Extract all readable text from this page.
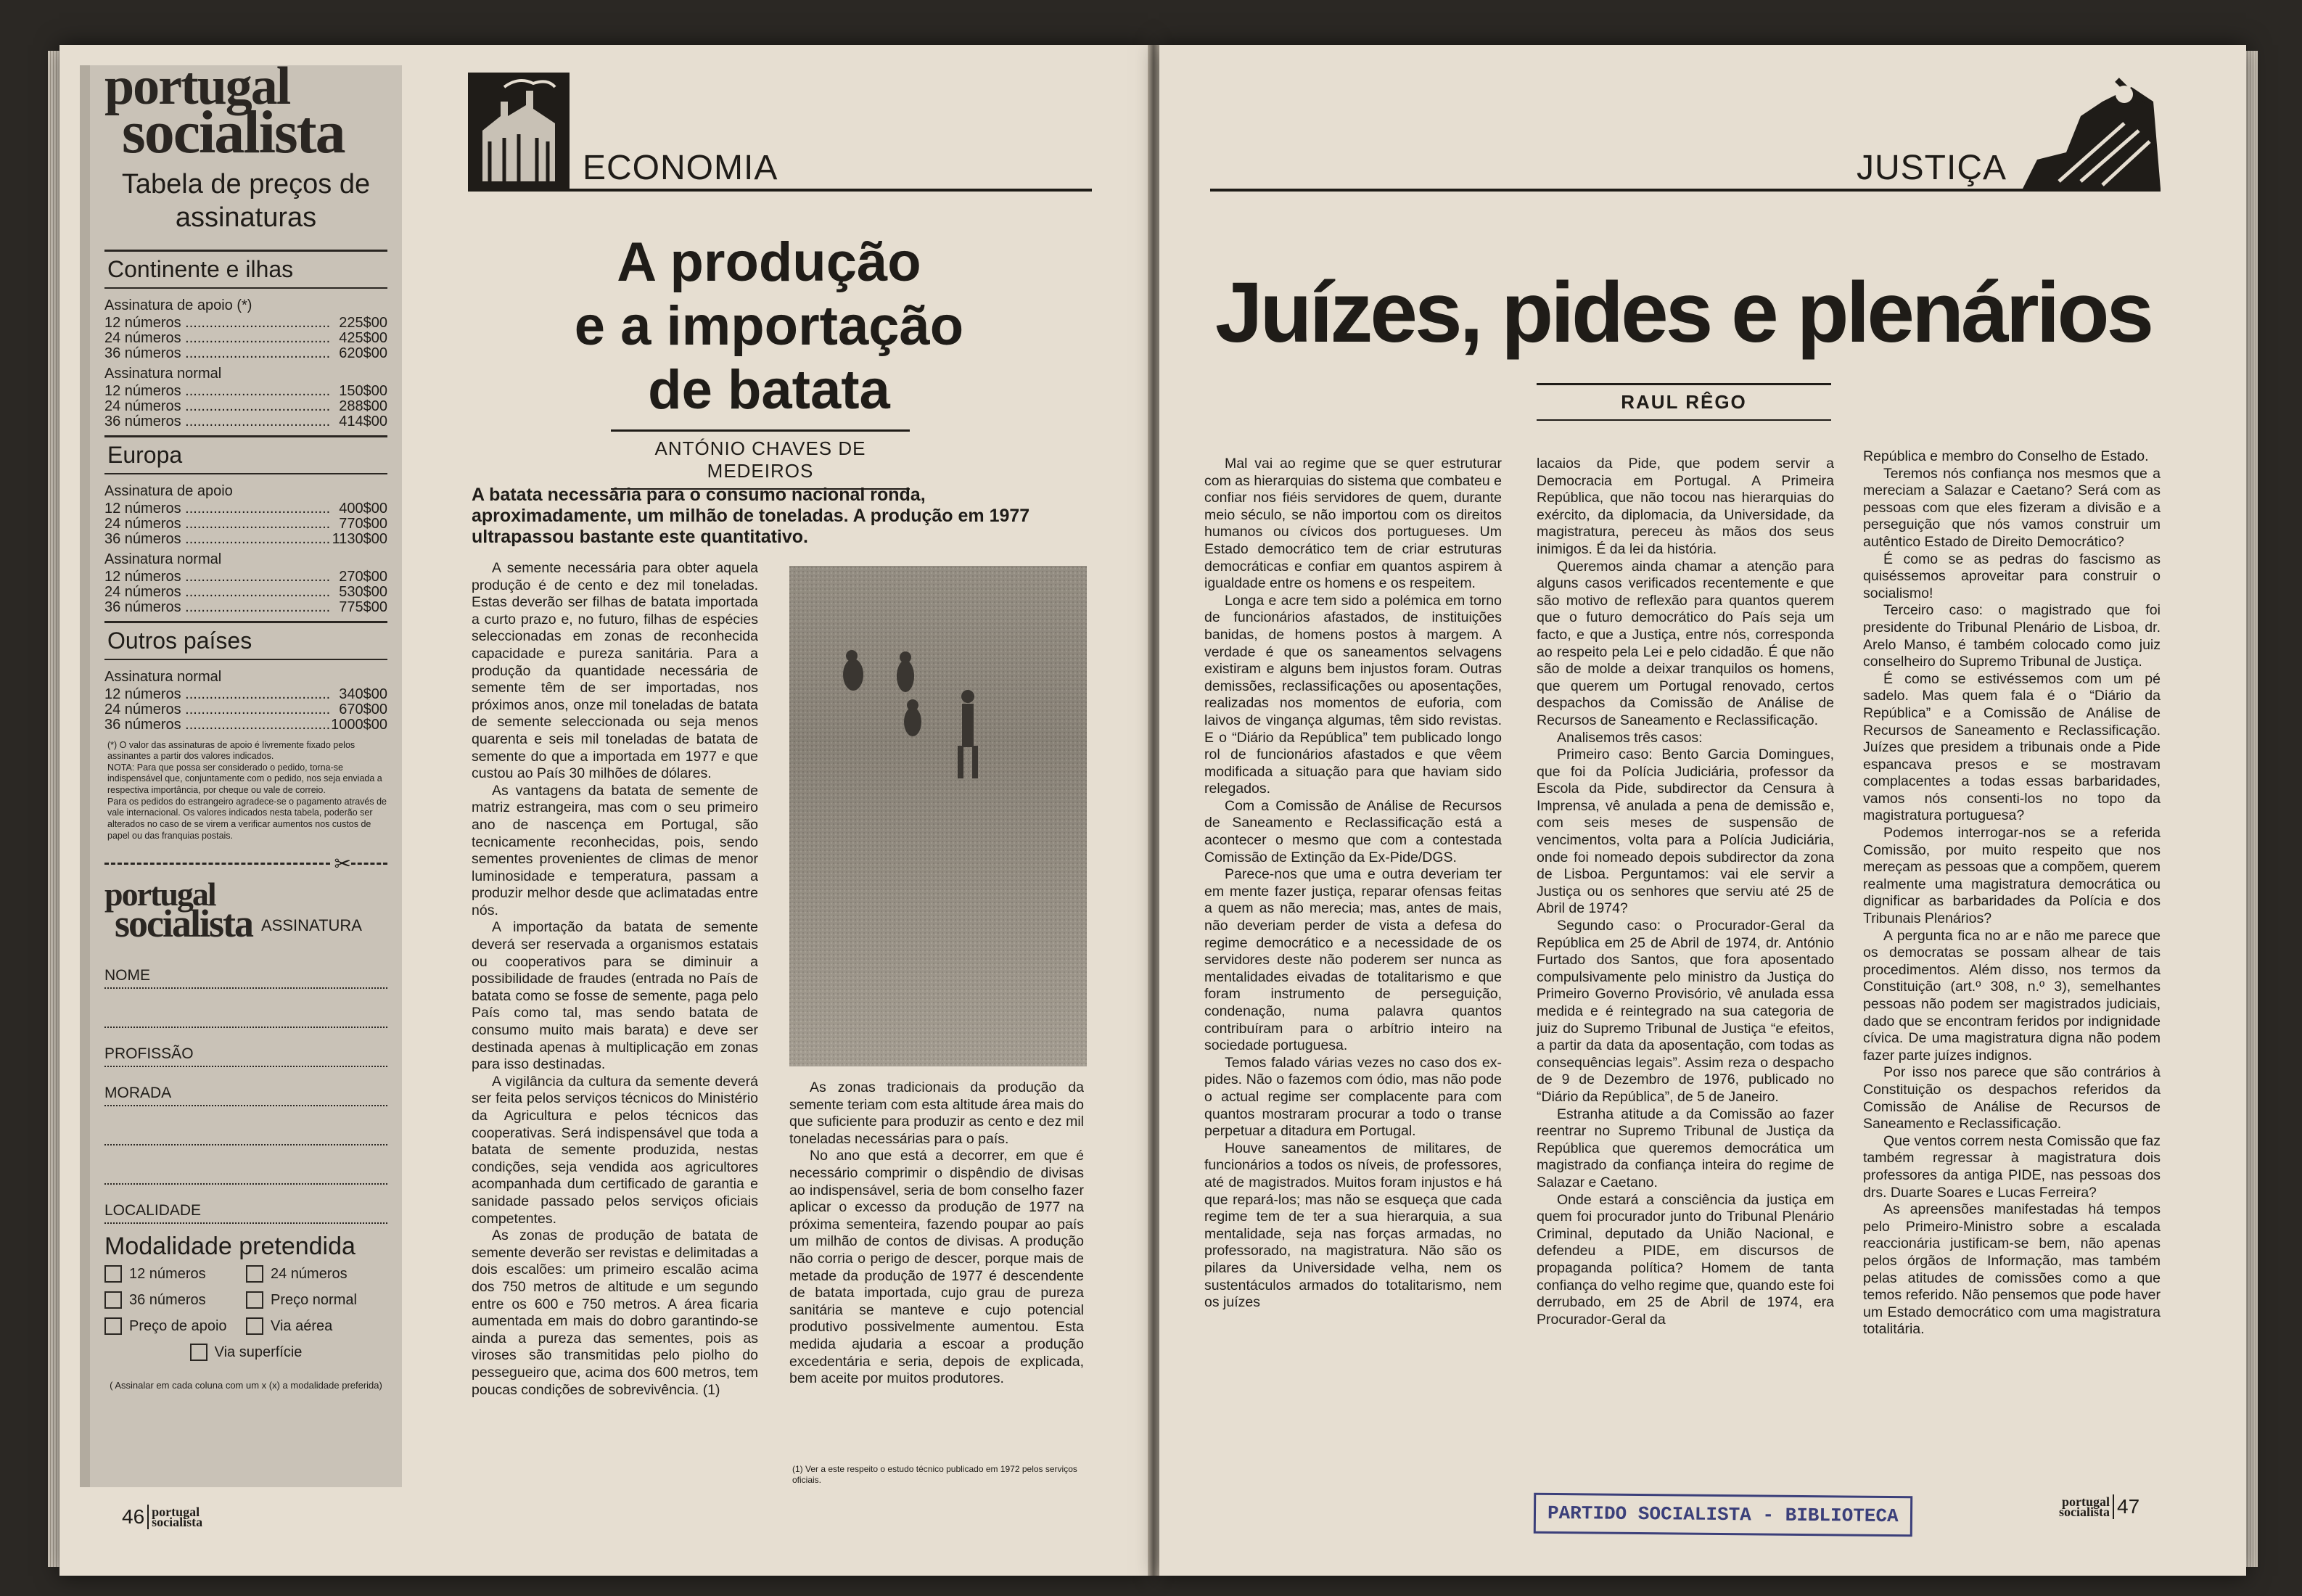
portugal
socialista
Tabela de preços de assinaturas
Continente e ilhas
Assinatura de apoio (*)
12 números .....	225$00
24 números .....	425$00
36 números .....	620$00
Assinatura normal
12 números .....	150$00
24 números .....	288$00
36 números .....	414$00
Europa
Assinatura de apoio
12 números .....	400$00
24 números .....	770$00
36 números .....	1130$00
Assinatura normal
12 números .....	270$00
24 números .....	530$00
36 números .....	775$00
Outros países
Assinatura normal
12 números .....	340$00
24 números .....	670$00
36 números .....	1000$00
(*) O valor das assinaturas de apoio é livremente fixado pelos assinantes a partir dos valores indicados.
NOTA: Para que possa ser considerado o pedido, torna-se indispensável que, conjuntamente com o pedido, nos seja enviada a respectiva importância, por cheque ou vale de correio.
Para os pedidos do estrangeiro agradece-se o pagamento através de vale internacional. Os valores indicados nesta tabela, poderão ser alterados no caso de se virem a verificar aumentos nos custos de papel ou das franquias postais.
✂
portugal
socialista ASSINATURA
NOME
PROFISSÃO
MORADA
LOCALIDADE
Modalidade pretendida
12 números	24 números
36 números	Preço normal
Preço de apoio	Via aérea
Via superfície
( Assinalar em cada coluna com um x (x) a modalidade preferida)
ECONOMIA
A produção
e a importação
de batata
ANTÓNIO CHAVES DE MEDEIROS
A batata necessária para o consumo nacional ronda, aproximadamente, um milhão de toneladas. A produção em 1977 ultrapassou bastante este quantitativo.

A semente necessária para obter aquela produção é de cento e dez mil toneladas. Estas deverão ser filhas de batata importada a curto prazo e, no futuro, filhas de espécies seleccionadas em zonas de reconhecida capacidade e pureza sanitária. Para a produção da quantidade necessária de semente têm de ser importadas, nos próximos anos, onze mil toneladas de batata de semente seleccionada ou seja menos quarenta e seis mil toneladas de batata de semente do que a importada em 1977 e que custou ao País 30 milhões de dólares.

As vantagens da batata de semente de matriz estrangeira, mas com o seu primeiro ano de nascença em Portugal, são tecnicamente reconhecidas, pois, sendo sementes provenientes de climas de menor luminosidade e temperatura, passam a produzir melhor desde que aclimatadas entre nós.

A importação da batata de semente deverá ser reservada a organismos estatais ou cooperativos para se diminuir a possibilidade de fraudes (entrada no País de batata como se fosse de semente, paga pelo País como tal, mas sendo batata de consumo muito mais barata) e deve ser destinada apenas à multiplicação em zonas para isso destinadas.

A vigilância da cultura da semente deverá ser feita pelos serviços técnicos do Ministério da Agricultura e pelos técnicos das cooperativas. Será indispensável que toda a batata de semente produzida, nestas condições, seja vendida aos agricultores acompanhada dum certificado de garantia e sanidade passado pelos serviços oficiais competentes.

As zonas de produção de batata de semente deverão ser revistas e delimitadas a dois escalões: um primeiro escalão acima dos 750 metros de altitude e um segundo entre os 600 e 750 metros. A área ficaria aumentada em mais do dobro garantindo-se ainda a pureza das sementes, pois as viroses são transmitidas pelo piolho do pessegueiro que, acima dos 600 metros, tem poucas condições de sobrevivência. (1)

As zonas tradicionais da produção da semente teriam com esta altitude área mais do que suficiente para produzir as cento e dez mil toneladas necessárias para o país.

No ano que está a decorrer, em que é necessário comprimir o dispêndio de divisas ao indispensável, seria de bom conselho fazer aplicar o excesso da produção de 1977 na próxima sementeira, fazendo poupar ao país um milhão de contos de divisas. A produção não corria o perigo de descer, porque mais de metade da produção de 1977 é descendente de batata importada, cujo grau de pureza sanitária se manteve e cujo potencial produtivo possivelmente aumentou. Esta medida ajudaria a escoar a produção excedentária e seria, depois de explicada, bem aceite por muitos produtores.

(1) Ver a este respeito o estudo técnico publicado em 1972 pelos serviços oficiais.
46 portugal
socialista
JUSTIÇA
Juízes, pides e plenários
RAUL RÊGO

Mal vai ao regime que se quer estruturar com as hierarquias do sistema que combateu e confiar nos fiéis servidores de quem, durante meio século, se não importou com os direitos humanos ou cívicos dos portugueses. Um Estado democrático tem de criar estruturas democráticas e confiar em quantos aspirem à igualdade entre os homens e os respeitem.

Longa e acre tem sido a polémica em torno de funcionários afastados, de instituições banidas, de homens postos à margem. A verdade é que os saneamentos selvagens existiram e alguns bem injustos foram. Outras demissões, reclassificações ou aposentações, realizadas nos momentos de euforia, com laivos de vingança algumas, têm sido revistas. E o “Diário da República” tem publicado longo rol de funcionários afastados e que vêem modificada a situação para que haviam sido relegados.

Com a Comissão de Análise de Recursos de Saneamento e Reclassificação está a acontecer o mesmo que com a contestada Comissão de Extinção da Ex-Pide/DGS.

Parece-nos que uma e outra deveriam ter em mente fazer justiça, reparar ofensas feitas a quem as não merecia; mas, antes de mais, não deveriam perder de vista a defesa do regime democrático e a necessidade de os servidores deste não poderem ser nunca as mentalidades eivadas de totalitarismo e que foram instrumento de perseguição, condenação, numa palavra quantos contribuíram para o arbítrio inteiro na sociedade portuguesa.

Temos falado várias vezes no caso dos ex-pides. Não o fazemos com ódio, mas não pode o actual regime ser complacente para com quantos mostraram procurar a todo o transe perpetuar a ditadura em Portugal.

Houve saneamentos de militares, de funcionários a todos os níveis, de professores, até de magistrados. Muitos foram injustos e há que repará-los; mas não se esqueça que cada regime tem de ter a sua hierarquia, a sua mentalidade, seja nas forças armadas, no professorado, na magistratura. Não são os pilares da Universidade velha, nem os sustentáculos armados do totalitarismo, nem os juízes

lacaios da Pide, que podem servir a Democracia em Portugal. A Primeira República, que não tocou nas hierarquias do exército, da diplomacia, da Universidade, da magistratura, pereceu às mãos dos seus inimigos. É da lei da história.

Queremos ainda chamar a atenção para alguns casos verificados recentemente e que são motivo de reflexão para quantos querem que o futuro democrático do País seja um facto, e que a Justiça, entre nós, corresponda ao respeito pela Lei e pelo cidadão. É que não são de molde a deixar tranquilos os homens, que querem um Portugal renovado, certos despachos da Comissão de Análise de Recursos de Saneamento e Reclassificação.

Analisemos três casos:

Primeiro caso: Bento Garcia Domingues, que foi da Polícia Judiciária, professor da Escola da Pide, subdirector da Censura à Imprensa, vê anulada a pena de demissão e, com seis meses de suspensão de vencimentos, volta para a Polícia Judiciária, onde foi nomeado depois subdirector da zona de Lisboa. Perguntamos: vai ele servir a Justiça ou os senhores que serviu até 25 de Abril de 1974?

Segundo caso: o Procurador-Geral da República em 25 de Abril de 1974, dr. António Furtado dos Santos, que fora aposentado compulsivamente pelo ministro da Justiça do Primeiro Governo Provisório, vê anulada essa medida e é reintegrado na sua categoria de juiz do Supremo Tribunal de Justiça “e efeitos, a partir da data da aposentação, com todas as consequências legais”. Assim reza o despacho de 9 de Dezembro de 1976, publicado no “Diário da República”, de 5 de Janeiro.

Estranha atitude a da Comissão ao fazer reentrar no Supremo Tribunal de Justiça da República que queremos democrática um magistrado da confiança inteira do regime de Salazar e Caetano.

Onde estará a consciência da justiça em quem foi procurador junto do Tribunal Plenário Criminal, deputado da União Nacional, e defendeu a PIDE, em discursos de propaganda política? Homem de tanta confiança do velho regime que, quando este foi derrubado, em 25 de Abril de 1974, era Procurador-Geral da

República e membro do Conselho de Estado.

Teremos nós confiança nos mesmos que a mereciam a Salazar e Caetano? Será com as pessoas com que eles fizeram a divisão e a perseguição que nós vamos construir um autêntico Estado de Direito Democrático?

É como se as pedras do fascismo as quiséssemos aproveitar para construir o socialismo!

Terceiro caso: o magistrado que foi presidente do Tribunal Plenário de Lisboa, dr. Arelo Manso, é também colocado como juiz conselheiro do Supremo Tribunal de Justiça.

É como se estivéssemos com um pé sadelo. Mas quem fala é o “Diário da República” e a Comissão de Análise de Recursos de Saneamento e Reclassificação. Juízes que presidem a tribunais onde a Pide espancava presos e se mostravam complacentes a todas essas barbaridades, vamos nós consenti-los no topo da magistratura portuguesa?

Podemos interrogar-nos se a referida Comissão, por muito respeito que nos mereçam as pessoas que a compõem, querem realmente uma magistratura democrática ou dignificar as barbaridades da Polícia e dos Tribunais Plenários?

A pergunta fica no ar e não me parece que os democratas se possam alhear de tais procedimentos. Além disso, nos termos da Constituição (art.º 308, n.º 3), semelhantes pessoas não podem ser magistrados judiciais, dado que se encontram feridos por indignidade cívica. De uma magistratura digna não podem fazer parte juízes indignos.

Por isso nos parece que são contrários à Constituição os despachos referidos da Comissão de Análise de Recursos de Saneamento e Reclassificação.

Que ventos correm nesta Comissão que faz também regressar à magistratura dois professores da antiga PIDE, nas pessoas dos drs. Duarte Soares e Lucas Ferreira?

As apreensões manifestadas há tempos pelo Primeiro-Ministro sobre a escalada reaccionária justificam-se bem, não apenas pelos órgãos de Informação, mas também pelas atitudes de comissões como a que temos referido. Não pensemos que pode haver um Estado democrático com uma magistratura totalitária.

PARTIDO SOCIALISTA - BIBLIOTECA
portugal
socialista 47
